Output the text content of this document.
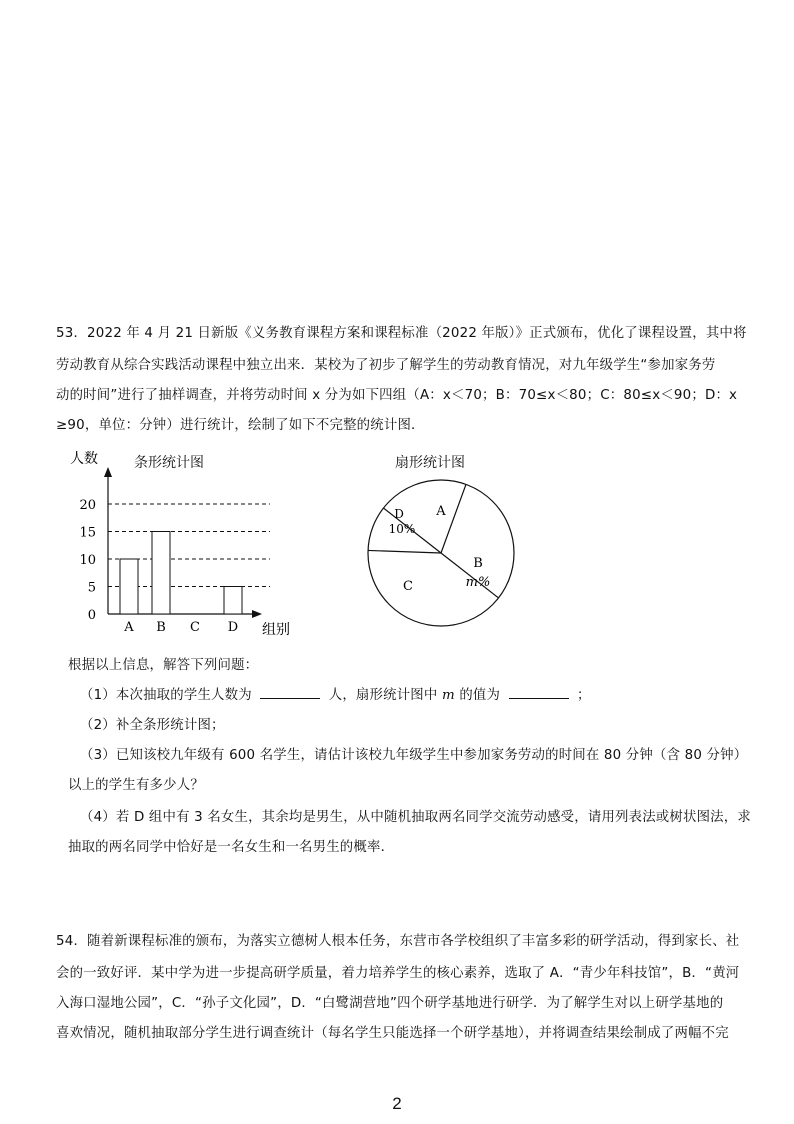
53．2022 年 4 月 21 日新版《义务教育课程方案和课程标准（2022 年版）》正式颁布，优化了课程设置，其中将
劳动教育从综合实践活动课程中独立出来．某校为了初步了解学生的劳动教育情况，对九年级学生“参加家务劳
动的时间”进行了抽样调查，并将劳动时间 x 分为如下四组（A：x＜70；B：70≤x＜80；C：80≤x＜90；D：x
≥90，单位：分钟）进行统计，绘制了如下不完整的统计图．
条形统计图
人数
组别
0
5
10
15
20
A B C D
扇形统计图
A
B
m%
C
D
10%
根据以上信息，解答下列问题：
（1）本次抽取的学生人数为	人，扇形统计图中 m 的值为	；
（2）补全条形统计图；
（3）已知该校九年级有 600 名学生，请估计该校九年级学生中参加家务劳动的时间在 80 分钟（含 80 分钟）
以上的学生有多少人？
（4）若 D 组中有 3 名女生，其余均是男生，从中随机抽取两名同学交流劳动感受，请用列表法或树状图法，求
抽取的两名同学中恰好是一名女生和一名男生的概率．
54．随着新课程标准的颁布，为落实立德树人根本任务，东营市各学校组织了丰富多彩的研学活动，得到家长、社
会的一致好评．某中学为进一步提高研学质量，着力培养学生的核心素养，选取了 A．“青少年科技馆”，B．“黄河
入海口湿地公园”，C．“孙子文化园”，D．“白鹭湖营地”四个研学基地进行研学．为了解学生对以上研学基地的
喜欢情况，随机抽取部分学生进行调查统计（每名学生只能选择一个研学基地），并将调查结果绘制成了两幅不完
2
